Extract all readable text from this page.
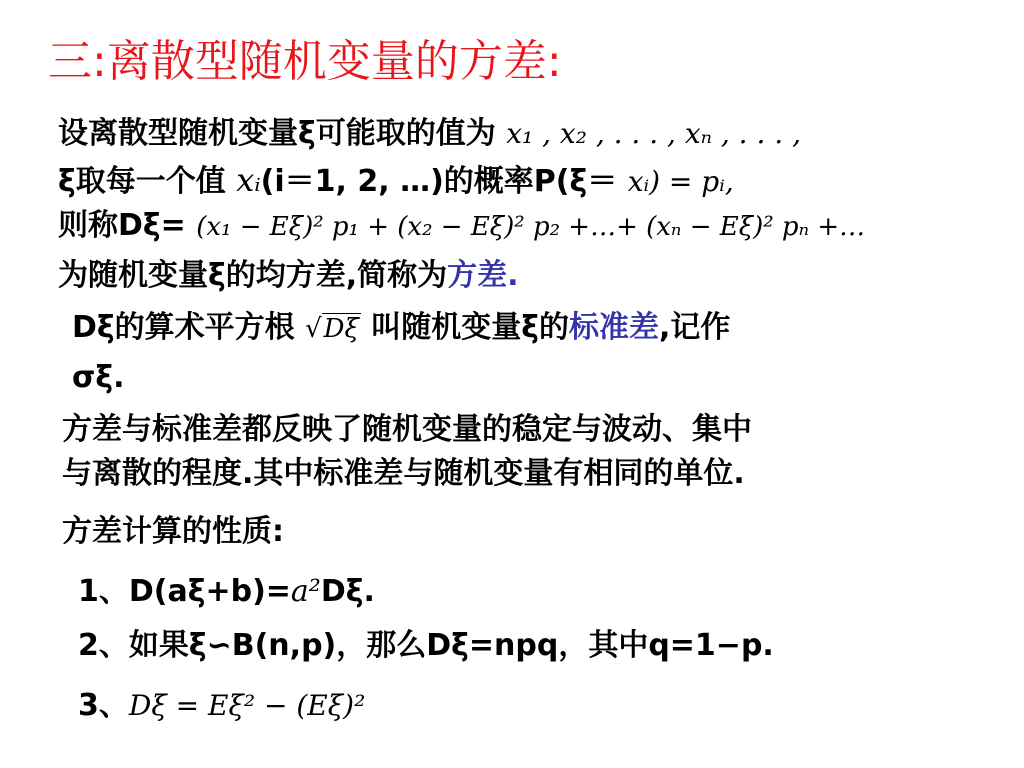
三:离散型随机变量的方差:
设离散型随机变量ξ可能取的值为 x₁ , x₂ , . . . , xₙ , . . . ,
ξ取每一个值 xᵢ(i＝1, 2, …)的概率P(ξ＝ xᵢ) = pᵢ,
则称Dξ= (x₁ − Eξ)² p₁ + (x₂ − Eξ)² p₂ +…+ (xₙ − Eξ)² pₙ +…
为随机变量ξ的均方差,简称为方差.
Dξ的算术平方根 √Dξ 叫随机变量ξ的标准差,记作
σξ.
方差与标准差都反映了随机变量的稳定与波动、集中
与离散的程度.其中标准差与随机变量有相同的单位.
方差计算的性质:
1、D(aξ+b)=a²Dξ.
2、如果ξ∽B(n,p)，那么Dξ=npq，其中q=1−p.
3、Dξ = Eξ² − (Eξ)²
